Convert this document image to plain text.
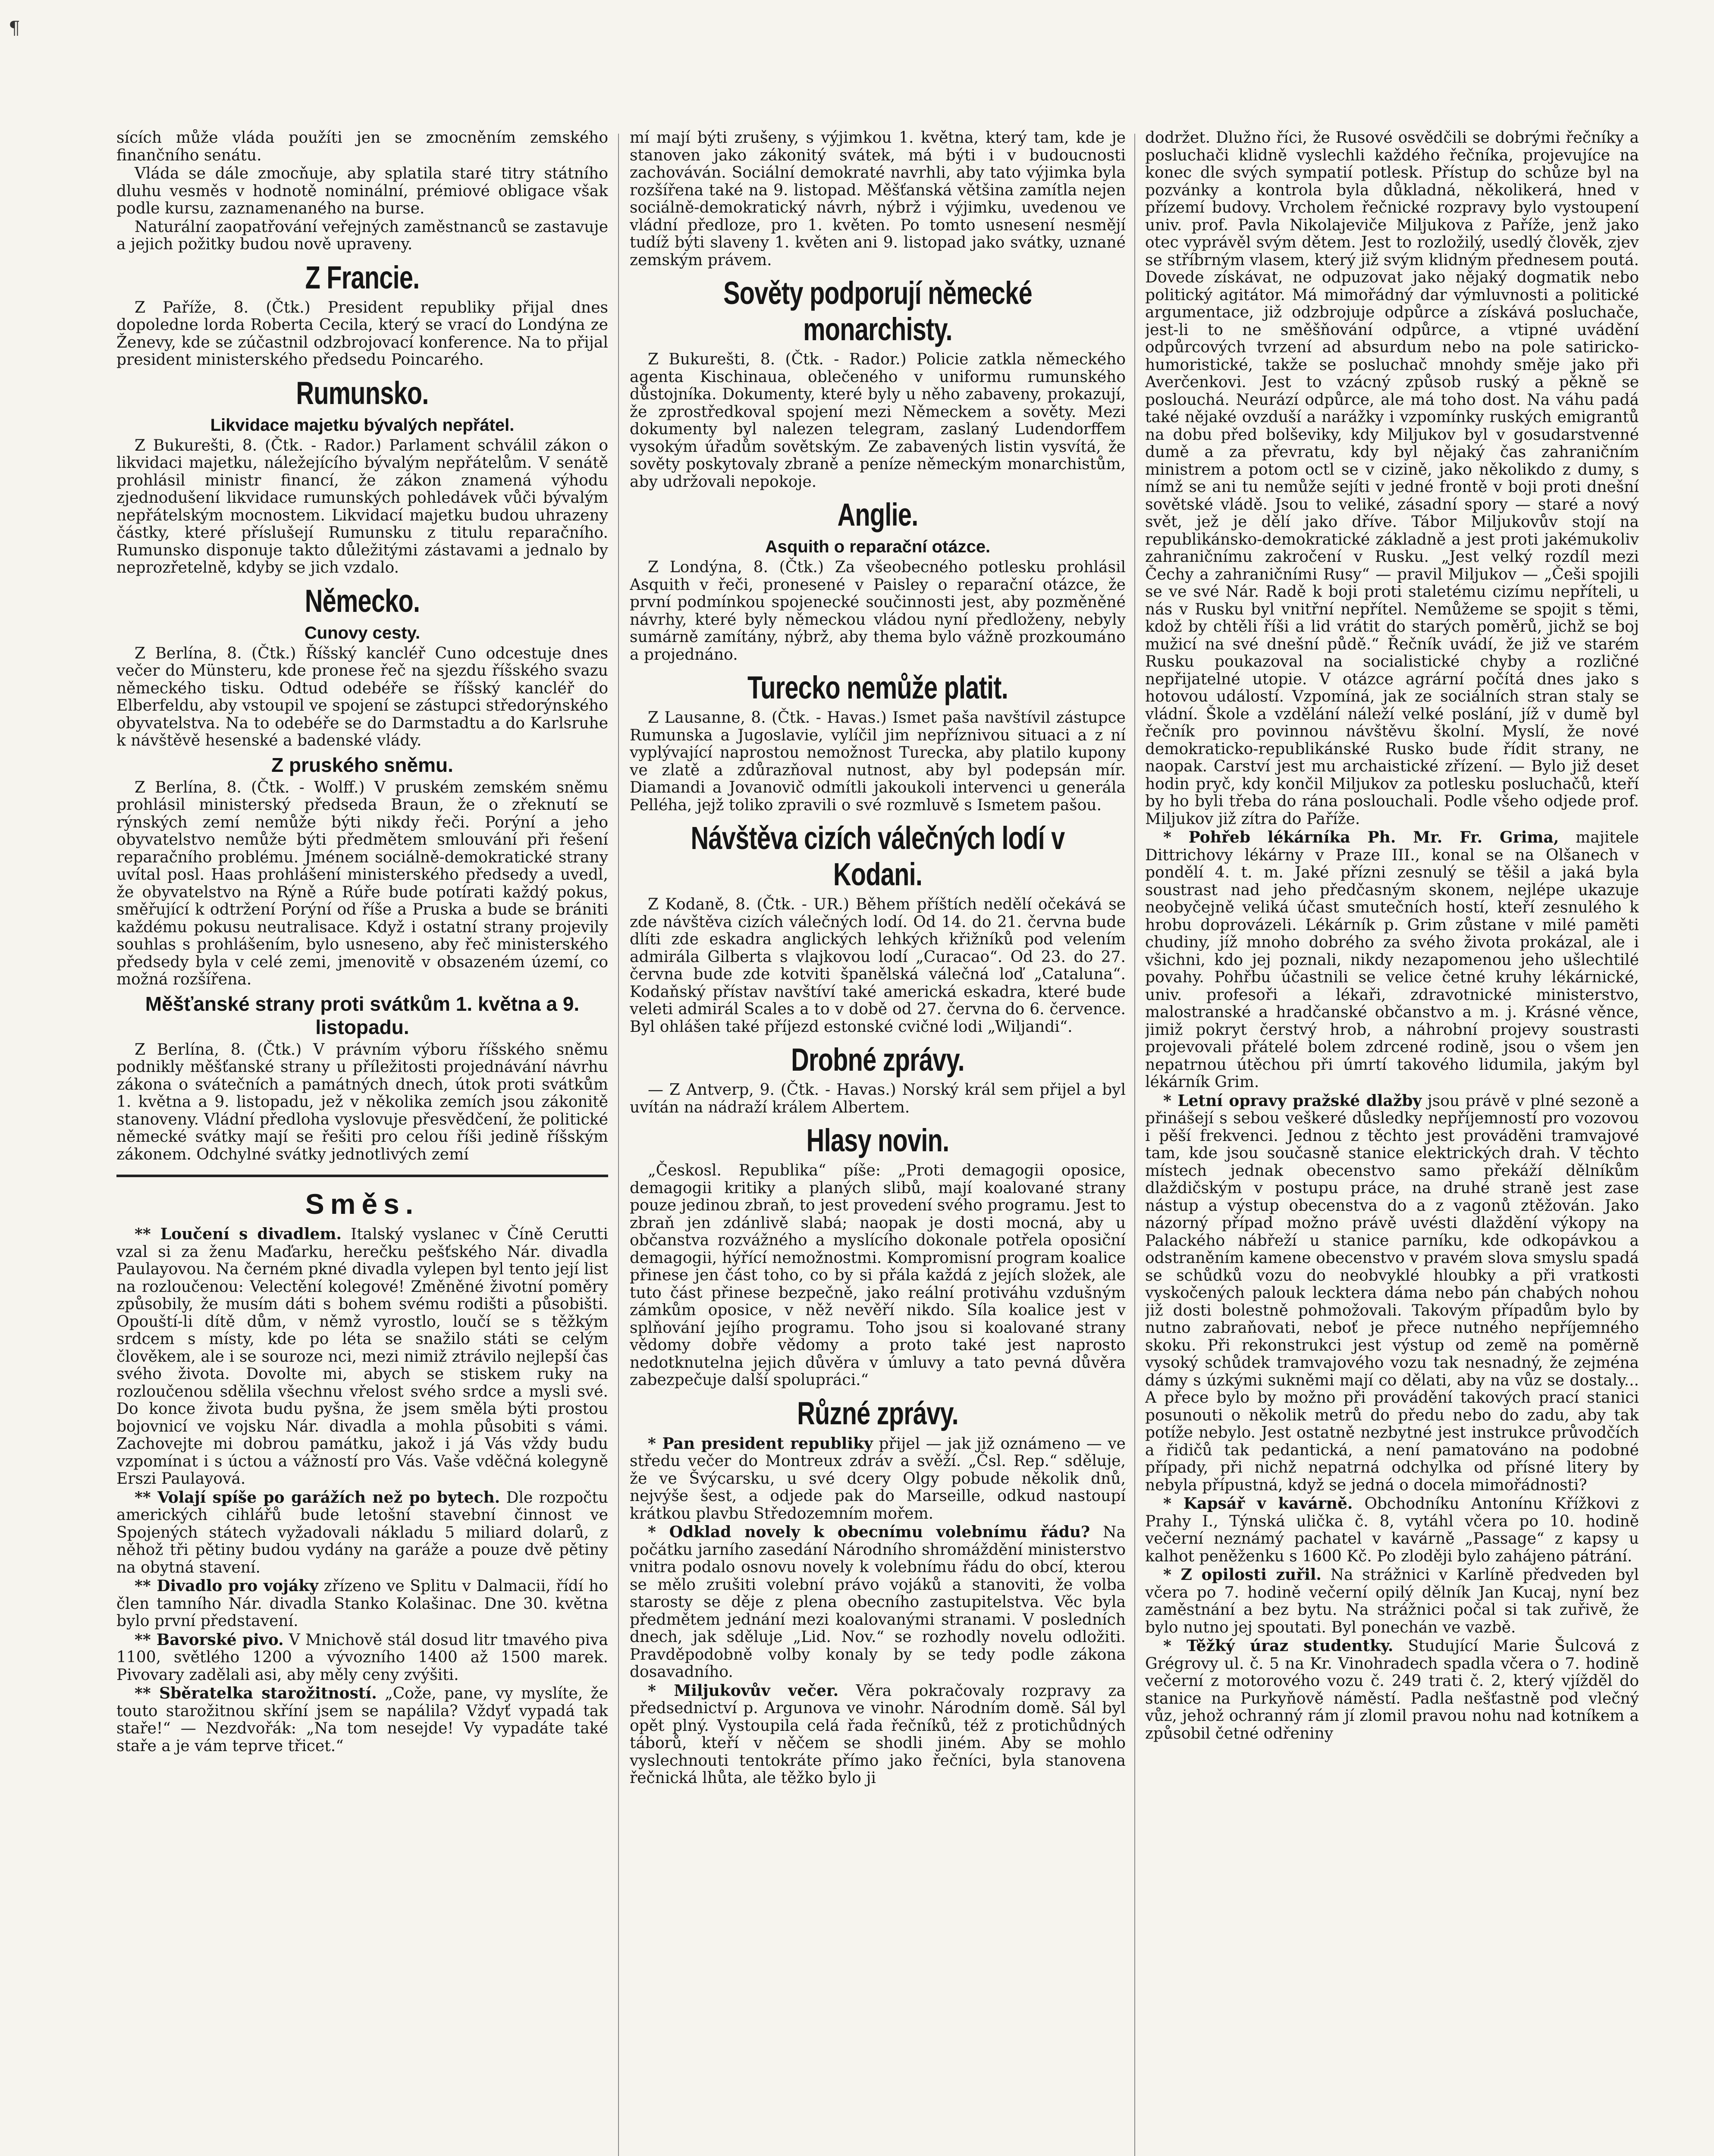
¶

sících může vláda použíti jen se zmocněním zemského finančního senátu.

Vláda se dále zmocňuje, aby splatila staré titry státního dluhu vesměs v hodnotě nominální, prémiové obligace však podle kursu, zaznamenaného na burse.

Naturální zaopatřování veřejných zaměstnanců se zastavuje a jejich požitky budou nově upraveny.

Z Francie.

Z Paříže, 8. (Čtk.) President republiky přijal dnes dopoledne lorda Roberta Cecila, který se vrací do Londýna ze Ženevy, kde se zúčastnil odzbrojovací konference. Na to přijal president ministerského předsedu Poincarého.

Rumunsko.
Likvidace majetku bývalých nepřátel.

Z Bukurešti, 8. (Čtk. - Rador.) Parlament schválil zákon o likvidaci majetku, náležejícího bývalým nepřátelům. V senátě prohlásil ministr financí, že zákon znamená výhodu zjednodušení likvidace rumunských pohledávek vůči bývalým nepřátelským mocnostem. Likvidací majetku budou uhrazeny částky, které příslušejí Rumunsku z titulu reparačního. Rumunsko disponuje takto důležitými zástavami a jednalo by neprozřetelně, kdyby se jich vzdalo.

Německo.
Cunovy cesty.

Z Berlína, 8. (Čtk.) Říšský kancléř Cuno odcestuje dnes večer do Münsteru, kde pronese řeč na sjezdu říšského svazu německého tisku. Odtud odebéře se říšský kancléř do Elberfeldu, aby vstoupil ve spojení se zástupci středorýnského obyvatelstva. Na to odebéře se do Darmstadtu a do Karlsruhe k návštěvě hesenské a badenské vlády.

Z pruského sněmu.

Z Berlína, 8. (Čtk. - Wolff.) V pruském zemském sněmu prohlásil ministerský předseda Braun, že o zřeknutí se rýnských zemí nemůže býti nikdy řeči. Porýní a jeho obyvatelstvo nemůže býti předmětem smlouvání při řešení reparačního problému. Jménem sociálně-demokratické strany uvítal posl. Haas prohlášení ministerského předsedy a uvedl, že obyvatelstvo na Rýně a Rúře bude potírati každý pokus, směřující k odtržení Porýní od říše a Pruska a bude se brániti každému pokusu neutralisace. Když i ostatní strany projevily souhlas s prohlášením, bylo usneseno, aby řeč ministerského předsedy byla v celé zemi, jmenovitě v obsazeném území, co možná rozšířena.

Měšťanské strany proti svátkům 1. května a 9. listopadu.

Z Berlína, 8. (Čtk.) V právním výboru říšského sněmu podnikly měšťanské strany u příležitosti projednávání návrhu zákona o svátečních a památných dnech, útok proti svátkům 1. května a 9. listopadu, jež v několika zemích jsou zákonitě stanoveny. Vládní předloha vyslovuje přesvědčení, že politické německé svátky mají se řešiti pro celou říši jedině říšským zákonem. Odchylné svátky jednotlivých zemí

Směs.

** Loučení s divadlem. Italský vyslanec v Číně Cerutti vzal si za ženu Maďarku, herečku pešťského Nár. divadla Paulayovou. Na černém pkné divadla vylepen byl tento její list na rozloučenou: Velectění kolegové! Změněné životní poměry způsobily, že musím dáti s bohem svému rodišti a působišti. Opouští-li dítě dům, v němž vyrostlo, loučí se s těžkým srdcem s místy, kde po léta se snažilo státi se celým člověkem, ale i se souroze nci, mezi nimiž ztrávilo nejlepší čas svého života. Dovolte mi, abych se stiskem ruky na rozloučenou sdělila všechnu vřelost svého srdce a mysli své. Do konce života budu pyšna, že jsem směla býti prostou bojovnicí ve vojsku Nár. divadla a mohla působiti s vámi. Zachovejte mi dobrou památku, jakož i já Vás vždy budu vzpomínat i s úctou a vážností pro Vás. Vaše vděčná kolegyně Erszi Paulayová.

** Volají spíše po garážích než po bytech. Dle rozpočtu amerických cihlářů bude letošní stavební činnost ve Spojených státech vyžadovali nákladu 5 miliard dolarů, z něhož tři pětiny budou vydány na garáže a pouze dvě pětiny na obytná stavení.

** Divadlo pro vojáky zřízeno ve Splitu v Dalmacii, řídí ho člen tamního Nár. divadla Stanko Kolašinac. Dne 30. května bylo první představení.

** Bavorské pivo. V Mnichově stál dosud litr tmavého piva 1100, světlého 1200 a vývozního 1400 až 1500 marek. Pivovary zadělali asi, aby měly ceny zvýšiti.

** Sběratelka starožitností. „Cože, pane, vy myslíte, že touto starožitnou skříní jsem se napálila? Vždyť vypadá tak staře!“ — Nezdvořák: „Na tom nesejde! Vy vypadáte také staře a je vám teprve třicet.“

mí mají býti zrušeny, s výjimkou 1. května, který tam, kde je stanoven jako zákonitý svátek, má býti i v budoucnosti zachováván. Sociální demokraté navrhli, aby tato výjimka byla rozšířena také na 9. listopad. Měšťanská většina zamítla nejen sociálně-demokratický návrh, nýbrž i výjimku, uvedenou ve vládní předloze, pro 1. květen. Po tomto usnesení nesmějí tudíž býti slaveny 1. květen ani 9. listopad jako svátky, uznané zemským právem.

Sověty podporují německé monarchisty.

Z Bukurešti, 8. (Čtk. - Rador.) Policie zatkla německého agenta Kischinaua, oblečeného v uniformu rumunského důstojníka. Dokumenty, které byly u něho zabaveny, prokazují, že zprostředkoval spojení mezi Německem a sověty. Mezi dokumenty byl nalezen telegram, zaslaný Ludendorffem vysokým úřadům sovětským. Ze zabavených listin vysvítá, že sověty poskytovaly zbraně a peníze německým monarchistům, aby udržovali nepokoje.

Anglie.
Asquith o reparační otázce.

Z Londýna, 8. (Čtk.) Za všeobecného potlesku prohlásil Asquith v řeči, pronesené v Paisley o reparační otázce, že první podmínkou spojenecké součinnosti jest, aby pozměněné návrhy, které byly německou vládou nyní předloženy, nebyly sumárně zamítány, nýbrž, aby thema bylo vážně prozkoumáno a projednáno.

Turecko nemůže platit.

Z Lausanne, 8. (Čtk. - Havas.) Ismet paša navštívil zástupce Rumunska a Jugoslavie, vylíčil jim nepříznivou situaci a z ní vyplývající naprostou nemožnost Turecka, aby platilo kupony ve zlatě a zdůrazňoval nutnost, aby byl podepsán mír. Diamandi a Jovanovič odmítli jakoukoli intervenci u generála Pelléha, jejž toliko zpravili o své rozmluvě s Ismetem pašou.

Návštěva cizích válečných lodí v Kodani.

Z Kodaně, 8. (Čtk. - UR.) Během příštích nedělí očekává se zde návštěva cizích válečných lodí. Od 14. do 21. června bude dlíti zde eskadra anglických lehkých křižníků pod velením admirála Gilberta s vlajkovou lodí „Curacao“. Od 23. do 27. června bude zde kotviti španělská válečná loď „Cataluna“. Kodaňský přístav navštíví také americká eskadra, které bude veleti admirál Scales a to v době od 27. června do 6. července. Byl ohlášen také příjezd estonské cvičné lodi „Wiljandi“.

Drobné zprávy.

— Z Antverp, 9. (Čtk. - Havas.) Norský král sem přijel a byl uvítán na nádraží králem Albertem.

Hlasy novin.

„Českosl. Republika“ píše: „Proti demagogii oposice, demagogii kritiky a planých slibů, mají koalované strany pouze jedinou zbraň, to jest provedení svého programu. Jest to zbraň jen zdánlivě slabá; naopak je dosti mocná, aby u občanstva rozvážného a myslícího dokonale potřela oposiční demagogii, hýřící nemožnostmi. Kompromisní program koalice přinese jen část toho, co by si přála každá z jejích složek, ale tuto část přinese bezpečně, jako reální protiváhu vzdušným zámkům oposice, v něž nevěří nikdo. Síla koalice jest v splňování jejího programu. Toho jsou si koalované strany vědomy dobře vědomy a proto také jest naprosto nedotknutelna jejich důvěra v úmluvy a tato pevná důvěra zabezpečuje další spolupráci.“

Různé zprávy.

* Pan president republiky přijel — jak již oznámeno — ve středu večer do Montreux zdráv a svěží. „Čsl. Rep.“ sděluje, že ve Švýcarsku, u své dcery Olgy pobude několik dnů, nejvýše šest, a odjede pak do Marseille, odkud nastoupí krátkou plavbu Středozemním mořem.

* Odklad novely k obecnímu volebnímu řádu? Na počátku jarního zasedání Národního shromáždění ministerstvo vnitra podalo osnovu novely k volebnímu řádu do obcí, kterou se mělo zrušiti volební právo vojáků a stanoviti, že volba starosty se děje z plena obecního zastupitelstva. Věc byla předmětem jednání mezi koalovanými stranami. V posledních dnech, jak sděluje „Lid. Nov.“ se rozhodly novelu odložiti. Pravděpodobně volby konaly by se tedy podle zákona dosavadního.

* Miljukovův večer. Věra pokračovaly rozpravy za předsednictví p. Argunova ve vinohr. Národním domě. Sál byl opět plný. Vystoupila celá řada řečníků, též z protichůdných táborů, kteří v něčem se shodli jiném. Aby se mohlo vyslechnouti tentokráte přímo jako řečníci, byla stanovena řečnická lhůta, ale těžko bylo ji

dodržet. Dlužno říci, že Rusové osvědčili se dobrými řečníky a posluchači klidně vyslechli každého řečníka, projevujíce na konec dle svých sympatií potlesk. Přístup do schůze byl na pozvánky a kontrola byla důkladná, několikerá, hned v přízemí budovy. Vrcholem řečnické rozpravy bylo vystoupení univ. prof. Pavla Nikolajeviče Miljukova z Paříže, jenž jako otec vyprávěl svým dětem. Jest to rozložilý, usedlý člověk, zjev se stříbrným vlasem, který již svým klidným přednesem poutá. Dovede získávat, ne odpuzovat jako nějaký dogmatik nebo politický agitátor. Má mimořádný dar výmluvnosti a politické argumentace, již odzbrojuje odpůrce a získává posluchače, jest-li to ne směšňování odpůrce, a vtipné uvádění odpůrcových tvrzení ad absurdum nebo na pole satiricko-humoristické, takže se posluchač mnohdy směje jako při Averčenkovi. Jest to vzácný způsob ruský a pěkně se poslouchá. Neurází odpůrce, ale má toho dost. Na váhu padá také nějaké ovzduší a narážky i vzpomínky ruských emigrantů na dobu před bolševiky, kdy Miljukov byl v gosudarstvenné dumě a za převratu, kdy byl nějaký čas zahraničním ministrem a potom octl se v cizině, jako několikdo z dumy, s nímž se ani tu nemůže sejíti v jedné frontě v boji proti dnešní sovětské vládě. Jsou to veliké, zásadní spory — staré a nový svět, jež je dělí jako dříve. Tábor Miljukovův stojí na republikánsko-demokratické základně a jest proti jakémukoliv zahraničnímu zakročení v Rusku. „Jest velký rozdíl mezi Čechy a zahraničními Rusy“ — pravil Miljukov — „Češi spojili se ve své Nár. Radě k boji proti staletému cizímu nepříteli, u nás v Rusku byl vnitřní nepřítel. Nemůžeme se spojit s těmi, kdož by chtěli říši a lid vrátit do starých poměrů, jichž se boj mužicí na své dnešní půdě.“ Řečník uvádí, že již ve starém Rusku poukazoval na socialistické chyby a rozličné nepřijatelné utopie. V otázce agrární počítá dnes jako s hotovou událostí. Vzpomíná, jak ze sociálních stran staly se vládní. Škole a vzdělání náleží velké poslání, jíž v dumě byl řečník pro povinnou návštěvu školní. Myslí, že nové demokraticko-republikánské Rusko bude řídit strany, ne naopak. Carství jest mu archaistické zřízení. — Bylo již deset hodin pryč, kdy končil Miljukov za potlesku posluchačů, kteří by ho byli třeba do rána poslouchali. Podle všeho odjede prof. Miljukov již zítra do Paříže.

* Pohřeb lékárníka Ph. Mr. Fr. Grima, majitele Dittrichovy lékárny v Praze III., konal se na Olšanech v pondělí 4. t. m. Jaké přízni zesnulý se těšil a jaká byla soustrast nad jeho předčasným skonem, nejlépe ukazuje neobyčejně veliká účast smutečních hostí, kteří zesnulého k hrobu doprovázeli. Lékárník p. Grim zůstane v milé paměti chudiny, jíž mnoho dobrého za svého života prokázal, ale i všichni, kdo jej poznali, nikdy nezapomenou jeho ušlechtilé povahy. Pohřbu účastnili se velice četné kruhy lékárnické, univ. profesoři a lékaři, zdravotnické ministerstvo, malostranské a hradčanské občanstvo a m. j. Krásné věnce, jimiž pokryt čerstvý hrob, a náhrobní projevy soustrasti projevovali přátelé bolem zdrcené rodině, jsou o všem jen nepatrnou útěchou při úmrtí takového lidumila, jakým byl lékárník Grim.

* Letní opravy pražské dlažby jsou právě v plné sezoně a přinášejí s sebou veškeré důsledky nepříjemností pro vozovou i pěší frekvenci. Jednou z těchto jest prováděni tramvajové tam, kde jsou současně stanice elektrických drah. V těchto místech jednak obecenstvo samo překáží dělníkům dlaždičským v postupu práce, na druhé straně jest zase nástup a výstup obecenstva do a z vagonů ztěžován. Jako názorný případ možno právě uvésti dlaždění výkopy na Palackého nábřeží u stanice parníku, kde odkopávkou a odstraněním kamene obecenstvo v pravém slova smyslu spadá se schůdků vozu do neobvyklé hloubky a při vratkosti vyskočených palouk lecktera dáma nebo pán chabých nohou již dosti bolestně pohmožovali. Takovým případům bylo by nutno zabraňovati, neboť je přece nutného nepříjemného skoku. Při rekonstrukci jest výstup od země na poměrně vysoký schůdek tramvajového vozu tak nesnadný, že zejména dámy s úzkými sukněmi mají co dělati, aby na vůz se dostaly... A přece bylo by možno při provádění takových prací stanici posunouti o několik metrů do předu nebo do zadu, aby tak potíže nebylo. Jest ostatně nezbytné jest instrukce průvodčích a řidičů tak pedantická, a není pamatováno na podobné případy, při nichž nepatrná odchylka od přísné litery by nebyla přípustná, když se jedná o docela mimořádnosti?

* Kapsář v kavárně. Obchodníku Antonínu Křížkovi z Prahy I., Týnská ulička č. 8, vytáhl včera po 10. hodině večerní neznámý pachatel v kavárně „Passage“ z kapsy u kalhot peněženku s 1600 Kč. Po zloději bylo zahájeno pátrání.

* Z opilosti zuřil. Na strážnici v Karlíně předveden byl včera po 7. hodině večerní opilý dělník Jan Kucaj, nyní bez zaměstnání a bez bytu. Na strážnici počal si tak zuřivě, že bylo nutno jej spoutati. Byl ponechán ve vazbě.

* Těžký úraz studentky. Studující Marie Šulcová z Grégrovy ul. č. 5 na Kr. Vinohradech spadla včera o 7. hodině večerní z motorového vozu č. 249 trati č. 2, který vjížděl do stanice na Purkyňově náměstí. Padla nešťastně pod vlečný vůz, jehož ochranný rám jí zlomil pravou nohu nad kotníkem a způsobil četné odřeniny
